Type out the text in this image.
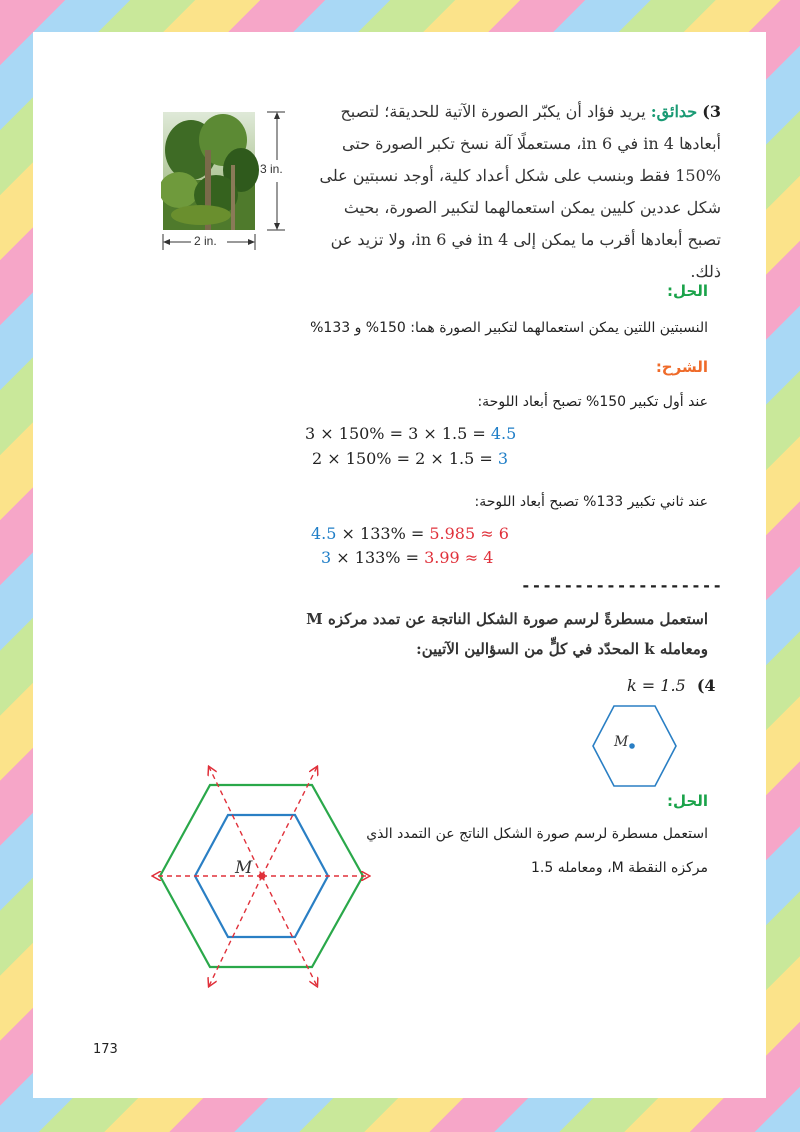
3 in.
2 in.
3) حدائق: يريد فؤاد أن يكبّر الصورة الآتية للحديقة؛ لتصبح
أبعادها 4 in في 6 in، مستعملًا آلة نسخ تكبر الصورة حتى
150% فقط وبنسب على شكل أعداد كلية، أوجد نسبتين على
شكل عددين كليين يمكن استعمالهما لتكبير الصورة، بحيث
تصبح أبعادها أقرب ما يمكن إلى 4 in في 6 in، ولا تزيد عن
ذلك.
الحل:
النسبتين اللتين يمكن استعمالهما لتكبير الصورة هما: 150% و 133%
الشرح:
عند أول تكبير 150% تصبح أبعاد اللوحة:
3 × 150% = 3 × 1.5 = 4.5
2 × 150% = 2 × 1.5 = 3
عند ثاني تكبير 133% تصبح أبعاد اللوحة:
4.5 × 133% = 5.985 ≈ 6
3 × 133% = 3.99 ≈ 4
-------------------
استعمل مسطرةً لرسم صورة الشكل الناتجة عن تمدد مركزه M
ومعامله k المحدّد في كلٍّ من السؤالين الآتيين:
k = 1.5 (4
M
الحل:
استعمل مسطرة لرسم صورة الشكل الناتج عن التمدد الذي
مركزه النقطة M، ومعامله 1.5
M
173
